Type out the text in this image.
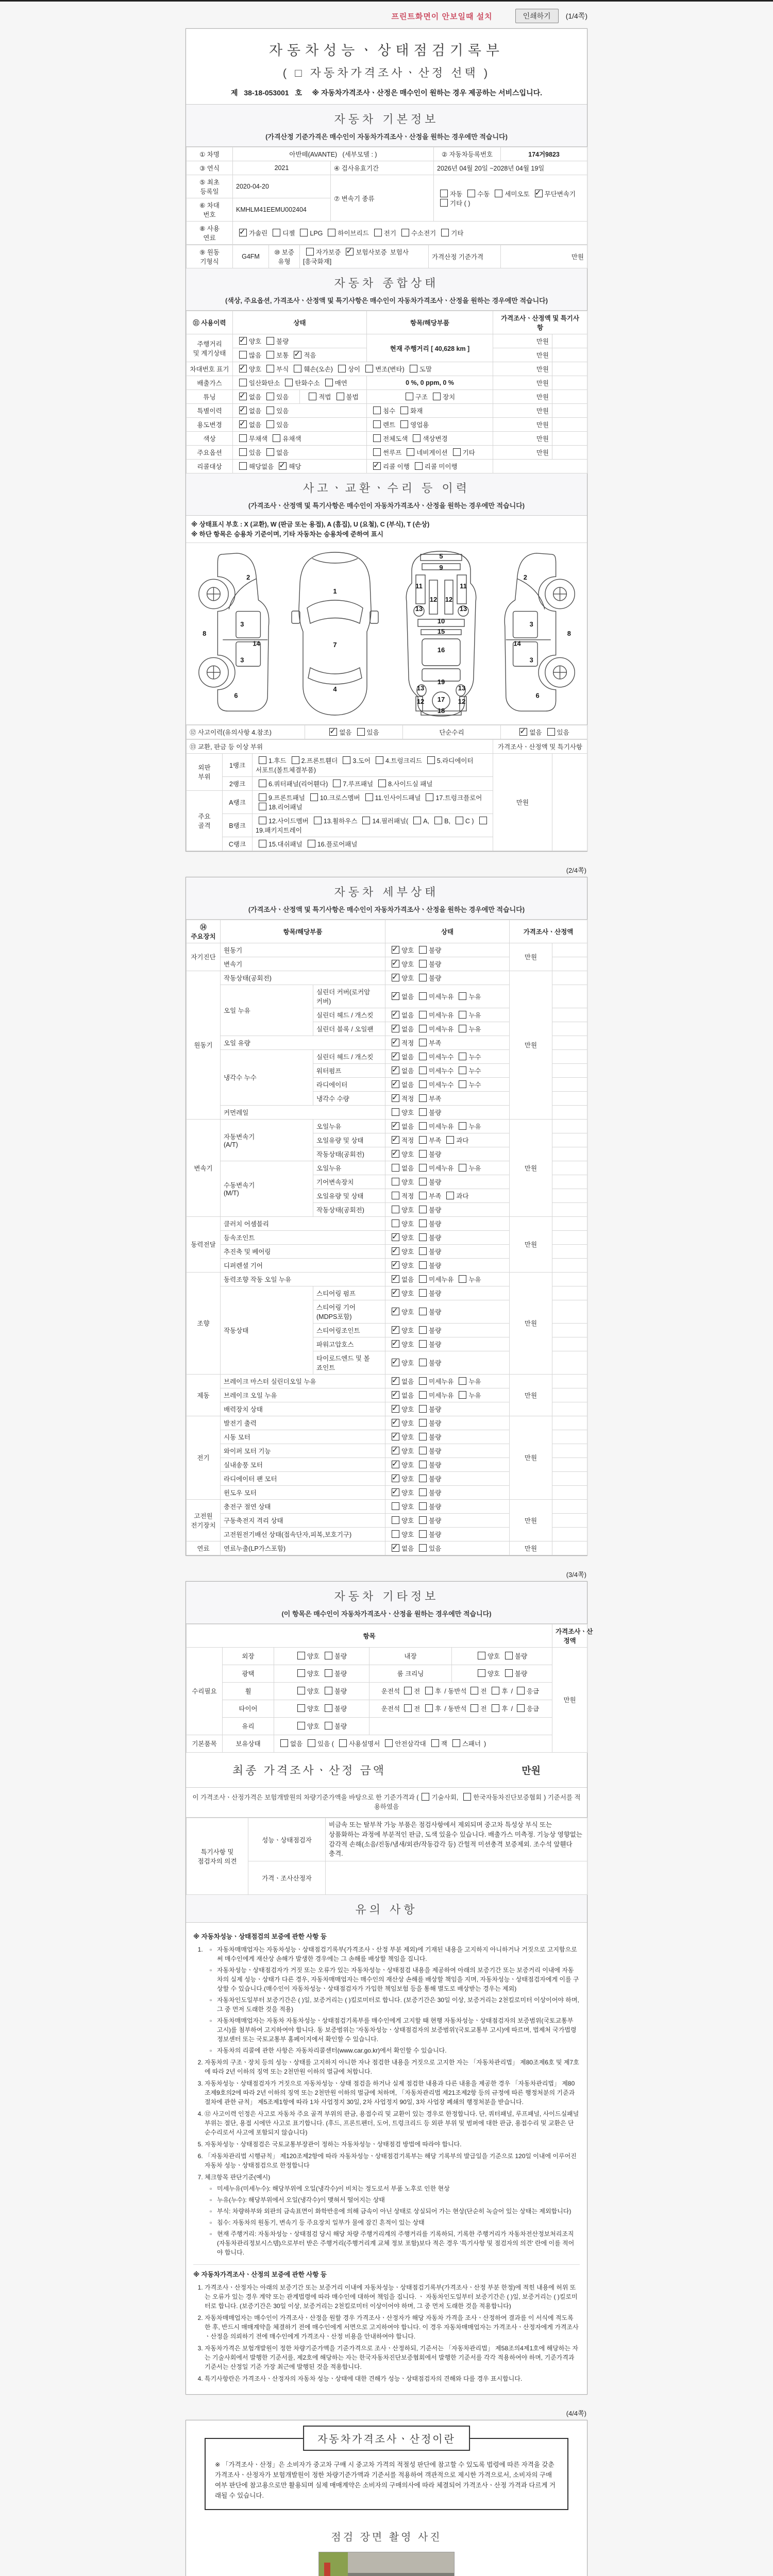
프린트화면이 안보일때 설치	인쇄하기	(1/4쪽)
자동차성능ㆍ상태점검기록부
( □ 자동차가격조사ㆍ산정 선택 )
제 38-18-053001 호 ※ 자동차가격조사ㆍ산정은 매수인이 원하는 경우 제공하는 서비스입니다.
자동차 기본정보
(가격산정 기준가격은 매수인이 자동차가격조사ㆍ산정을 원하는 경우에만 적습니다)
① 차명	아반떼(AVANTE) (세부모델 : )		② 자동차등록번호	174거9823
③ 연식	2021	④ 검사유효기간	2026년 04월 20일 ~2028년 04월 19일	
⑤ 최초
등록일	2020-04-20	⑦ 변속기 종류	자동 수동 세미오토 ✓ 무단변속기
기타 ( )
⑥ 차대
번호	KMHLM41EEMU002404			
⑧ 사용
연료	✓가솔린 디젤 LPG 하이브리드 전기 수소전기 기타
⑨ 원동
기형식	G4FM	⑩ 보증
유형	자가보증 ✓ 보험사보증 보험사[흥국화재]	가격산정 기준가격	만원
자동차 종합상태
(색상, 주요옵션, 가격조사ㆍ산정액 및 특기사항은 매수인이 자동차가격조사ㆍ산정을 원하는 경우에만 적습니다)
⑪ 사용이력	상태		항목/해당부품	가격조사ㆍ산정액 및 특기사
항	
주행거리
및 계기상태	✓양호 불량		현재 주행거리 [ 40,628 km ]	만원	
	많음 보통 ✓ 적음			만원	
차대번호 표기	✓양호 부식 훼손(오손) 상이 변조(변타) 도말			만원	
배출가스	일산화탄소 탄화수소 매연		0 %, 0 ppm, 0 %	만원	
튜닝	✓없음 있음	적법 불법	구조 장치	만원	
특별이력	✓없음 있음		침수 화재	만원	
용도변경	✓없음 있음		렌트 영업용	만원	
색상	무채색 유채색		전체도색 색상변경	만원	
주요옵션	있음 없음		썬루프 네비게이션 기타	만원	
리콜대상	해당없음 ✓ 해당	✓리콜 이행 리콜 미이행	
사고ㆍ교환ㆍ수리 등 이력
(가격조사ㆍ산정액 및 특기사항은 매수인이 자동차가격조사ㆍ산정을 원하는 경우에만 적습니다)
※ 상태표시 부호 : X (교환), W (판금 또는 용접), A (흠집), U (요철), C (부식), T (손상)
※ 하단 항목은 승용차 기준이며, 기타 자동차는 승용차에 준하여 표시
2
3
8
14
3
6
1
7
4
5
9
11	11
12 12
13	13
10
15
16
19
13	13
17
12	12
18
2
3
8
14
3
6
⑫ 사고이력(유의사항 4.참조)	✓없음 있음	단순수리	✓없음 있음
⑬ 교환, 판금 등 이상 부위			가격조사ㆍ산정액 및 특기사항	
외판
부위	1랭크	1.후드 2.프론트휀더 3.도어 4.트렁크리드 5.라디에이터 서포트(볼트체결부품)	만원	
	2랭크	6.쿼터패널(리어휀다) 7.루프패널 8.사이드실 패널		
주요
골격	A랭크	9.프론트패널 10.크로스멤버 11.인사이드패널 17.트렁크플로어18.리어패널		
	B랭크	12.사이드멤버 13.휠하우스 14.필러패널( A, B, C )19.패키지트레이		
	C랭크	15.대쉬패널 16.플로어패널		
(2/4쪽)
자동차 세부상태
(가격조사ㆍ산정액 및 특기사항은 매수인이 자동차가격조사ㆍ산정을 원하는 경우에만 적습니다)
⑭ 주요장치	항목/해당부품		상태	가격조사ㆍ산정액	
자기진단	원동기	✓양호 불량	만원	
	변속기	✓양호 불량	
원동기	작동상태(공회전)	✓양호 불량	만원	
	오일 누유	실린더 커버(로커암 커버)	✓없음 미세누유 누유	
		실린더 헤드 / 개스킷	✓없음 미세누유 누유	
		실린더 블록 / 오일팬	✓없음 미세누유 누유	
	오일 유량	✓적정 부족	
	냉각수 누수	실린더 헤드 / 개스킷	✓없음 미세누수 누수	
		워터펌프	✓없음 미세누수 누수	
		라디에이터	✓없음 미세누수 누수	
		냉각수 수량	✓적정 부족	
	커먼레일		양호 불량		
변속기	자동변속기
(A/T)	오일누유	✓없음 미세누유 누유	만원	
		오일유량 및 상태	✓적정 부족 과다	
		작동상태(공회전)	✓양호 불량	
	수동변속기
(M/T)	오일누유	없음 미세누유 누유		
		기어변속장치	양호 불량		
		오일유량 및 상태	적정 부족 과다		
		작동상태(공회전)	양호 불량		
동력전달	클러치 어셈블리		양호 불량	만원	
	등속조인트	✓양호 불량	
	추진축 및 베어링	✓양호 불량	
	디퍼렌셜 기어	✓양호 불량	
조향	동력조향 작동 오일 누유	✓없음 미세누유 누유	만원	
	작동상태	스티어링 펌프	✓양호 불량	
		스티어링 기어(MDPS포함)	✓양호 불량	
		스티어링조인트	✓양호 불량	
		파워고압호스	✓양호 불량	
		타이로드엔드 및 볼 죠인트	✓양호 불량	
제동	브레이크 마스터 실린더오일 누유	✓없음 미세누유 누유	만원	
	브레이크 오일 누유	✓없음 미세누유 누유	
	배력장치 상태	✓양호 불량	
전기	발전기 출력	✓양호 불량	만원	
	시동 모터	✓양호 불량	
	와이퍼 모터 기능	✓양호 불량	
	실내송풍 모터	✓양호 불량	
	라디에이터 팬 모터	✓양호 불량	
	윈도우 모터	✓양호 불량	
고전원
전기장치	충전구 절연 상태		양호 불량	만원	
	구동축전지 격리 상태		양호 불량		
	고전원전기배선 상태(접속단자,피복,보호기구)		양호 불량		
연료	연료누출(LP가스포함)	✓없음 있음	만원	
(3/4쪽)
자동차 기타정보
(이 항목은 매수인이 자동차가격조사ㆍ산정을 원하는 경우에만 적습니다)
항목					가격조사ㆍ산
정액
수리필요	외장	양호 불량	내장	양호 불량	만원
	광택	양호 불량	룸 크리닝	양호 불량	
	휠	양호 불량	운전석 전 후 / 동반석 전 후 / 응급		
	타이어	양호 불량	운전석 전 후 / 동반석 전 후 / 응급		
	유리	양호 불량			
기본품목	보유상태	없음 있음 ( 사용설명서 안전삼각대 잭 스패너 )			
최종 가격조사ㆍ산정 금액	만원
이 가격조사ㆍ산정가격은 보험개발원의 차량기준가액을 바탕으로 한 기준가격과 ( 기술사회, 한국자동차진단보증협회 ) 기준서를 적용하였음
특기사항 및
점검자의 의견	성능ㆍ상태점검자	비금속 또는 탈부착 가능 부품은 점검사항에서 제외되며 중고차 특성상 부식 또는 상품화하는 과정에 부분적인 판금, 도색 있을수 있습니다. 배출가스 미측정. 기능상 영향없는 감각적 손해(소음/진동/냄새/외관/작동감각 등) 간헐적 미션충격 보증제외. 조수석 앞휀다 충격.
	가격ㆍ조사산정자	
유의 사항
※ 자동차성능ㆍ상태점검의 보증에 관한 사항 등
▫ 1. 자동차매매업자는 자동차성능ㆍ상태점검기록부(가격조사ㆍ산정 부분 제외)에 기재된 내용을 고지하지 아니하거나 거짓으로 고지함으로써 매수인에게 재산상 손해가 발생한 경우에는 그 손해를 배상할 책임을 집니다.
▫ 자동차성능ㆍ상태점검자가 거짓 또는 오류가 있는 자동차성능ㆍ상태점검 내용을 제공하여 아래의 보증기간 또는 보증거리 이내에 자동차의 실제 성능ㆍ상태가 다른 경우, 자동차매매업자는 매수인의 재산상 손해를 배상할 책임을 지며, 자동차성능ㆍ상태점검자에게 이를 구상할 수 있습니다.(매수인이 자동차성능ㆍ상태점검자가 가입한 책임보험 등을 통해 별도로 배상받는 경우는 제외)
▫ 자동차인도일부터 보증기간은 ( )일, 보증거리는 ( )킬로미터로 합니다. (보증기간은 30일 이상, 보증거리는 2천킬로미터 이상이어야 하며, 그 중 먼저 도래한 것을 적용)
▫ 자동차매매업자는 자동차 자동차성능ㆍ상태점검기록부를 매수인에게 고지할 때 현행 자동차성능ㆍ상태점검자의 보증범위(국토교통부 고시)를 첨부하여 고지하여야 합니다. 동 보증범위는 '자동차성능ㆍ상태점검자의 보증범위'(국토교통부 고시)에 따르며, 법제처 국가법령정보센터 또는 국토교통부 홈페이지에서 확인할 수 있습니다.
▫ 자동차의 리콜에 관한 사항은 자동차리콜센터(www.car.go.kr)에서 확인할 수 있습니다.
2. 자동차의 구조ㆍ장치 등의 성능ㆍ상태를 고지하지 아니한 자나 점검한 내용을 거짓으로 고지한 자는 「자동차관리법」 제80조제6호 및 제7호에 따라 2년 이하의 징역 또는 2천만원 이하의 벌금에 처합니다.
3. 자동차성능ㆍ상태점검자가 거짓으로 자동차성능ㆍ상태 점검을 하거나 실제 점검한 내용과 다른 내용을 제공한 경우 「자동차관리법」 제80조제9호의2에 따라 2년 이하의 징역 또는 2천만원 이하의 벌금에 처하며, 「자동차관리법 제21조제2항 등의 규정에 따른 행정처분의 기준과 절차에 관한 규칙」 제5조제1항에 따라 1차 사업정지 30일, 2차 사업정지 90일, 3차 사업장 폐쇄의 행정처분을 받습니다.
4. ⑫ 사고이력 인정은 사고로 자동차 주요 골격 부위의 판금, 용접수리 및 교환이 있는 경우로 한정합니다. 단, 쿼터패널, 루프패널, 사이드실패널 부위는 절단, 용접 시에만 사고로 표기합니다. (후드, 프론트펜더, 도어, 트렁크리드 등 외판 부위 및 범퍼에 대한 판금, 용접수리 및 교환은 단순수리로서 사고에 포함되지 않습니다)
5. 자동차성능ㆍ상태점검은 국토교통부장관이 정하는 자동차성능ㆍ상태점검 방법에 따라야 합니다.
6. 「자동차관리법 시행규칙」 제120조제2항에 따라 자동차성능ㆍ상태점검기록부는 해당 기록부의 발급일을 기준으로 120일 이내에 이루어진 자동차 성능ㆍ상태점검으로 한정합니다
7. 체크항목 판단기준(예시)
▫ 미세누유(미세누수): 해당부위에 오일(냉각수)이 비치는 정도로서 부품 노후로 인한 현상
▫ 누유(누수): 해당부위에서 오일(냉각수)이 맺혀서 떨어지는 상태
▫ 부식: 차량하부와 외판의 금속표면이 화학반응에 의해 금속이 아닌 상태로 상실되어 가는 현상(단순히 녹슬어 있는 상태는 제외합니다)
▫ 침수: 자동차의 원동기, 변속기 등 주요장치 일부가 물에 잠긴 흔적이 있는 상태
▫ 현재 주행거리: 자동차성능ㆍ상태점검 당시 해당 차량 주행거리계의 주행거리를 기록하되, 기록한 주행거리가 자동차전산정보처리조직(자동차관리정보시스템)으로부터 받은 주행거리(주행거리계 교체 정보 포함)보다 적은 경우 '특기사항 및 점검자의 의견' 란에 이를 적어야 합니다.
※ 자동차가격조사ㆍ산정의 보증에 관한 사항 등
1. 가격조사ㆍ산정자는 아래의 보증기간 또는 보증거리 이내에 자동차성능ㆍ상태점검기록부(가격조사ㆍ산정 부분 한정)에 적힌 내용에 허위 또는 오류가 있는 경우 계약 또는 관계법령에 따라 매수인에 대하여 책임을 집니다. ㆍ 자동차인도일부터 보증기간은 ( )일, 보증거리는 ( )킬로미터로 합니다. (보증기간은 30일 이상, 보증거리는 2천킬로미터 이상이어야 하며, 그 중 먼저 도래한 것을 적용합니다)
2. 자동차매매업자는 매수인이 가격조사ㆍ산정을 원할 경우 가격조사ㆍ산정자가 해당 자동차 가격을 조사ㆍ산정하여 결과를 이 서식에 적도록 한 후, 반드시 매매계약을 체결하기 전에 매수인에게 서면으로 고지하여야 합니다. 이 경우 자동차매매업자는 가격조사ㆍ산정자에게 가격조사ㆍ산정을 의뢰하기 전에 매수인에게 가격조사ㆍ산정 비용을 안내하여야 합니다.
3. 자동차가격은 보험개발원이 정한 차량기준가액을 기준가격으로 조사ㆍ산정하되, 기준서는 「자동차관리법」 제58조의4제1호에 해당하는 자는 기술사회에서 발행한 기준서를, 제2호에 해당하는 자는 한국자동차진단보증협회에서 발행한 기준서를 각각 적용하여야 하며, 기준가격과 기준서는 산정일 기준 가장 최근에 발행된 것을 적용합니다.
4. 특기사항란은 가격조사ㆍ산정자의 자동차 성능ㆍ상태에 대한 견해가 성능ㆍ상태점검자의 견해와 다를 경우 표시합니다.
(4/4쪽)
자동차가격조사ㆍ산정이란
※ 「가격조사ㆍ산정」은 소비자가 중고차 구매 시 중고차 가격의 적절성 판단에 참고할 수 있도록 법령에 따른 자격을 갖춘 가격조사ㆍ산정자가 보험개발원이 정한 차량기준가액과 기준서를 적용하여 객관적으로 제시한 가격으로서, 소비자의 구매여부 판단에 참고용으로만 활용되며 실제 매매계약은 소비자의 구매의사에 따라 체결되어 가격조사ㆍ산정 가격과 다르게 거래될 수 있습니다.
점검 장면 촬영 사진
